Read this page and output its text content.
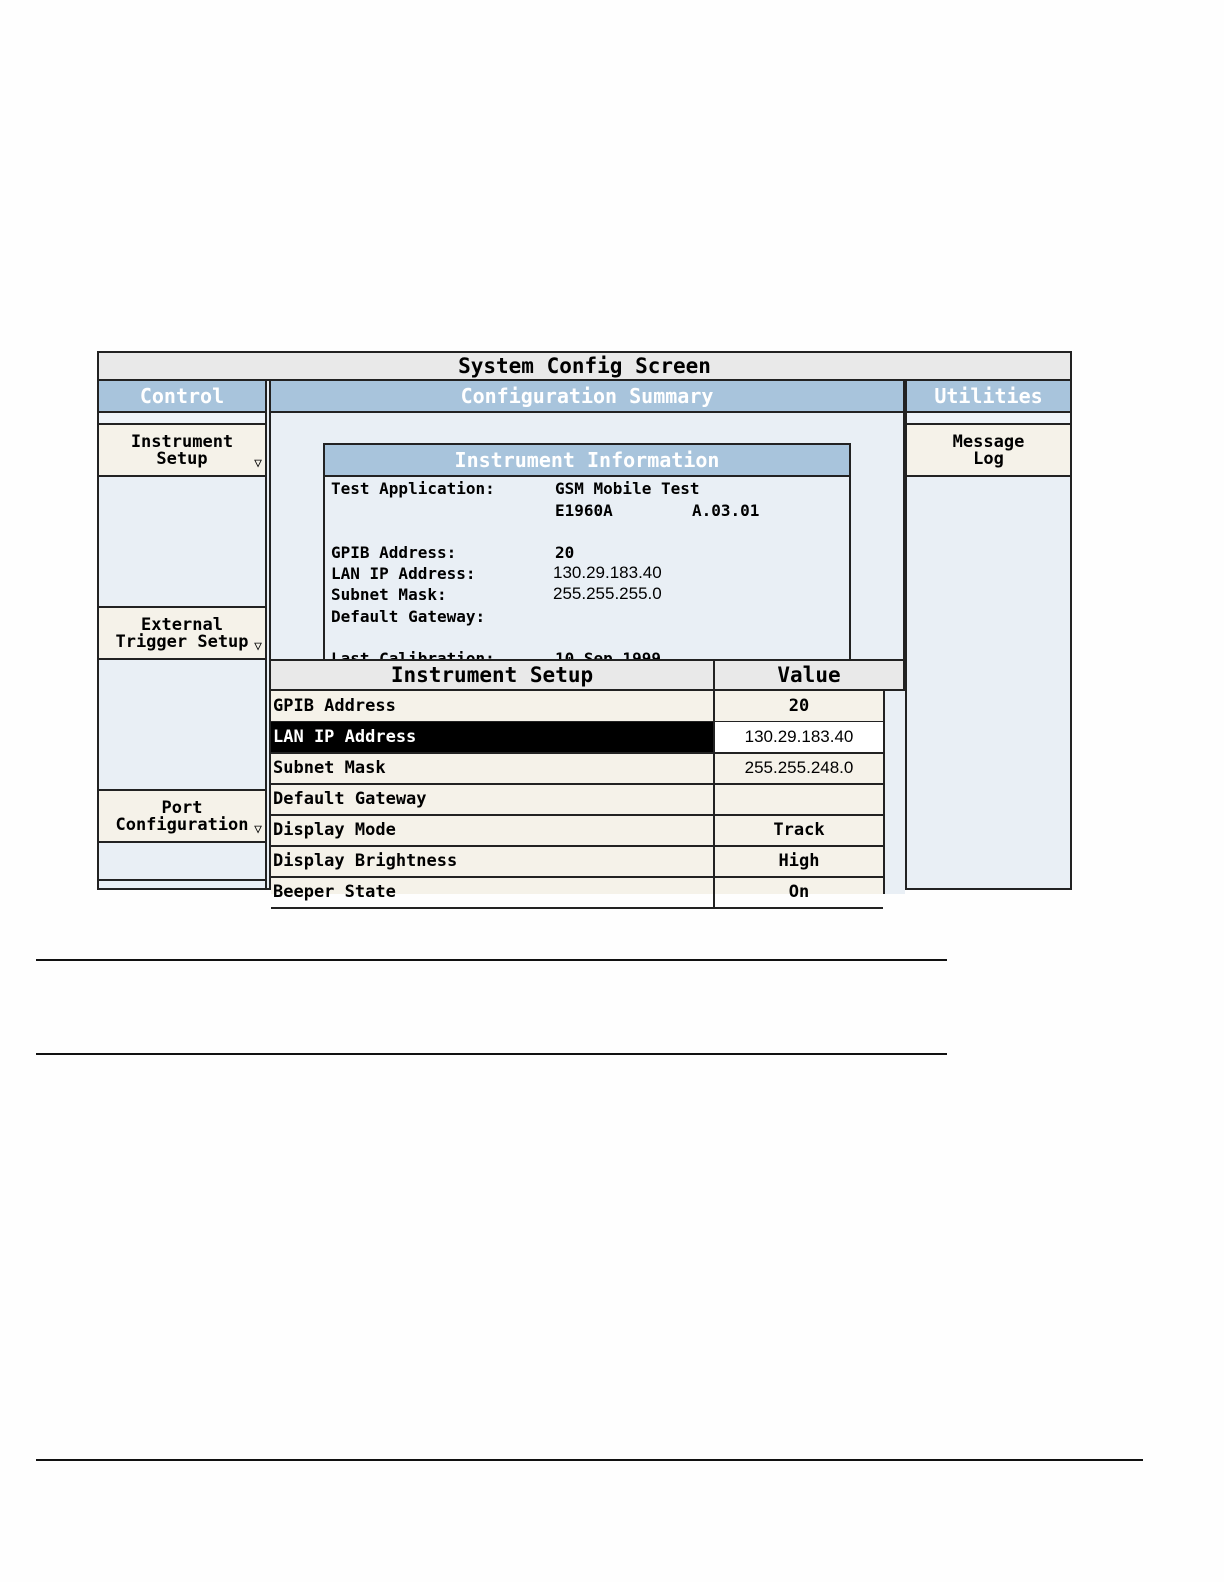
System Config Screen
Control
Instrument
Setup	▽
External
Trigger Setup ▽
Port
Configuration ▽
Configuration Summary
Instrument Information
Test Application:	GSM Mobile Test
E1960A	A.03.01
GPIB Address:	20
LAN IP Address:	130.29.183.40
Subnet Mask:	255.255.255.0
Default Gateway:
Instrument Setup	Value
GPIB Address	20
LAN IP Address	130.29.183.40
Subnet Mask	255.255.248.0
Default Gateway
Display Mode	Track
Display Brightness	High
Beeper State	On
Utilities
Message
Log
